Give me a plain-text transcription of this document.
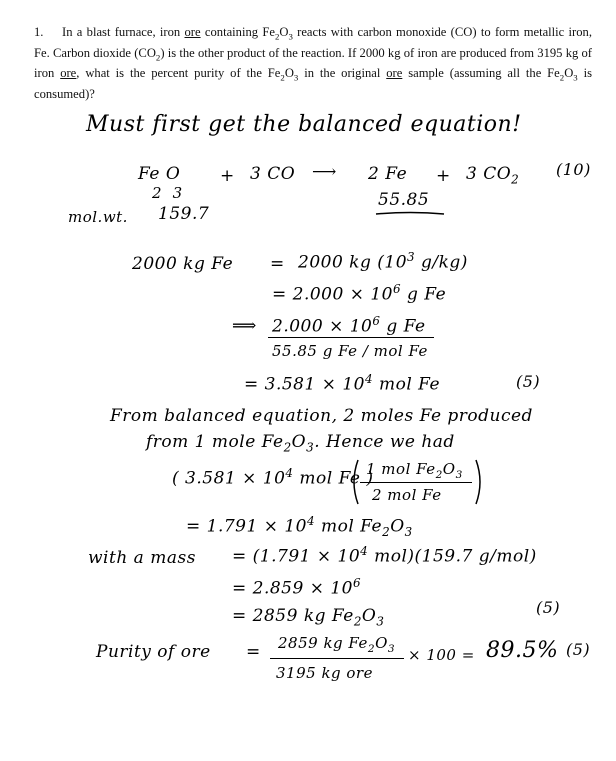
1. In a blast furnace, iron ore containing $Fe_2O_3$ reacts with carbon monoxide (CO) to form metallic iron, Fe. Carbon dioxide $(CO_2)$ is the other product of the reaction. If 2000 kg of iron are produced from 3195 kg of iron ore, what is the percent purity of the $Fe_2O_3$ in the original ore sample (assuming all the $Fe_2O_3$ is consumed)?
Must first get the balanced equation!
Fe O
2 3
+ 3 CO ⟶ 2 Fe + 3 $CO_2$
(10)
mol.wt. 159.7
55.85
2000 kg Fe = 2000 kg ($10^3$ g/kg)
= $2.000 \times 10^6$ g Fe
⟹ $2.000 \times 10^6$ g Fe
55.85 g Fe / mol Fe
= $3.581 \times 10^4$ mol Fe	(5)
From balanced equation, 2 moles Fe produced
from 1 mole $Fe_2O_3$. Hence we had
( $3.581 \times 10^4$ mol Fe )
1 mol $Fe_2O_3$
2 mol Fe
= $1.791 \times 10^4$ mol $Fe_2O_3$
with a mass = ($1.791 \times 10^4$ mol)(159.7 g/mol)
= $2.859 \times 10^6$
= 2859 kg $Fe_2O_3$
(5)
Purity of ore = 2859 kg $Fe_2O_3$
3195 kg ore
× 100 = 89.5% (5)
